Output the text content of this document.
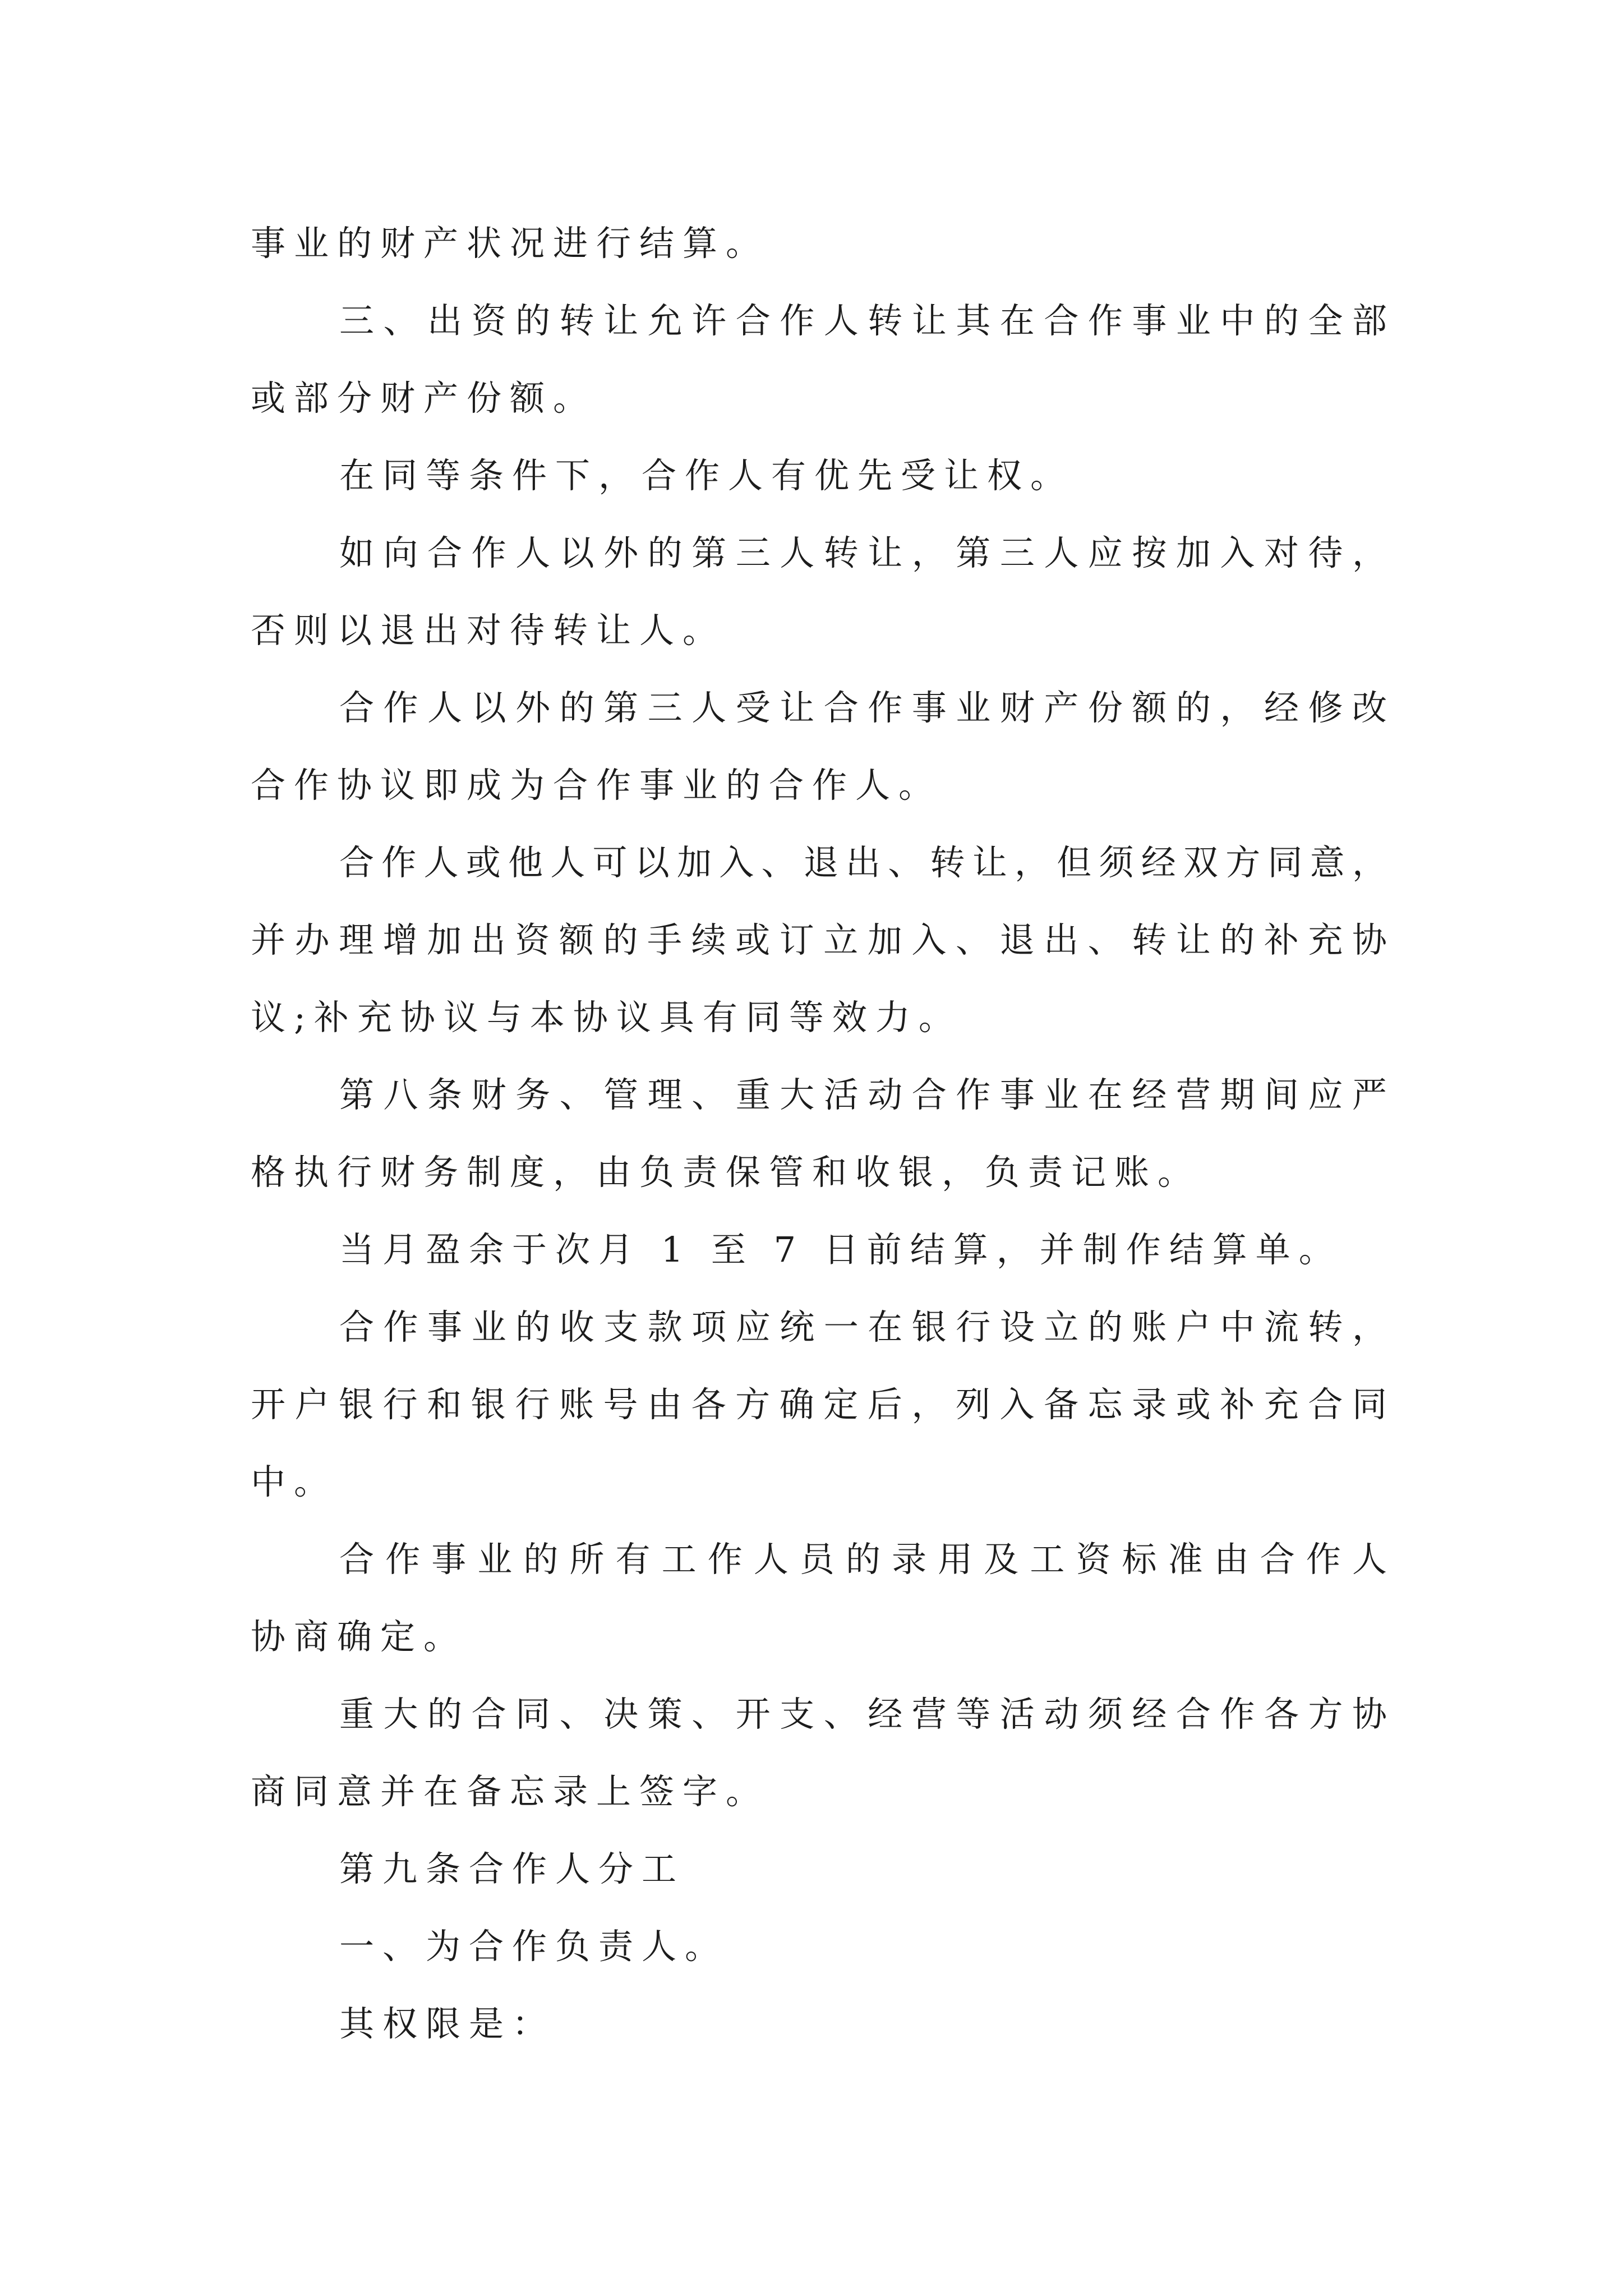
事业的财产状况进行结算。
三、出资的转让允许合作人转让其在合作事业中的全部
或部分财产份额。
在同等条件下，合作人有优先受让权。
如向合作人以外的第三人转让，第三人应按加入对待，
否则以退出对待转让人。
合作人以外的第三人受让合作事业财产份额的，经修改
合作协议即成为合作事业的合作人。
合作人或他人可以加入、退出、转让，但须经双方同意，
并办理增加出资额的手续或订立加入、退出、转让的补充协
议;补充协议与本协议具有同等效力。
第八条财务、管理、重大活动合作事业在经营期间应严
格执行财务制度，由负责保管和收银，负责记账。
当月盈余于次月 1 至 7 日前结算，并制作结算单。
合作事业的收支款项应统一在银行设立的账户中流转，
开户银行和银行账号由各方确定后，列入备忘录或补充合同
中。
合作事业的所有工作人员的录用及工资标准由合作人
协商确定。
重大的合同、决策、开支、经营等活动须经合作各方协
商同意并在备忘录上签字。
第九条合作人分工
一、为合作负责人。
其权限是：
